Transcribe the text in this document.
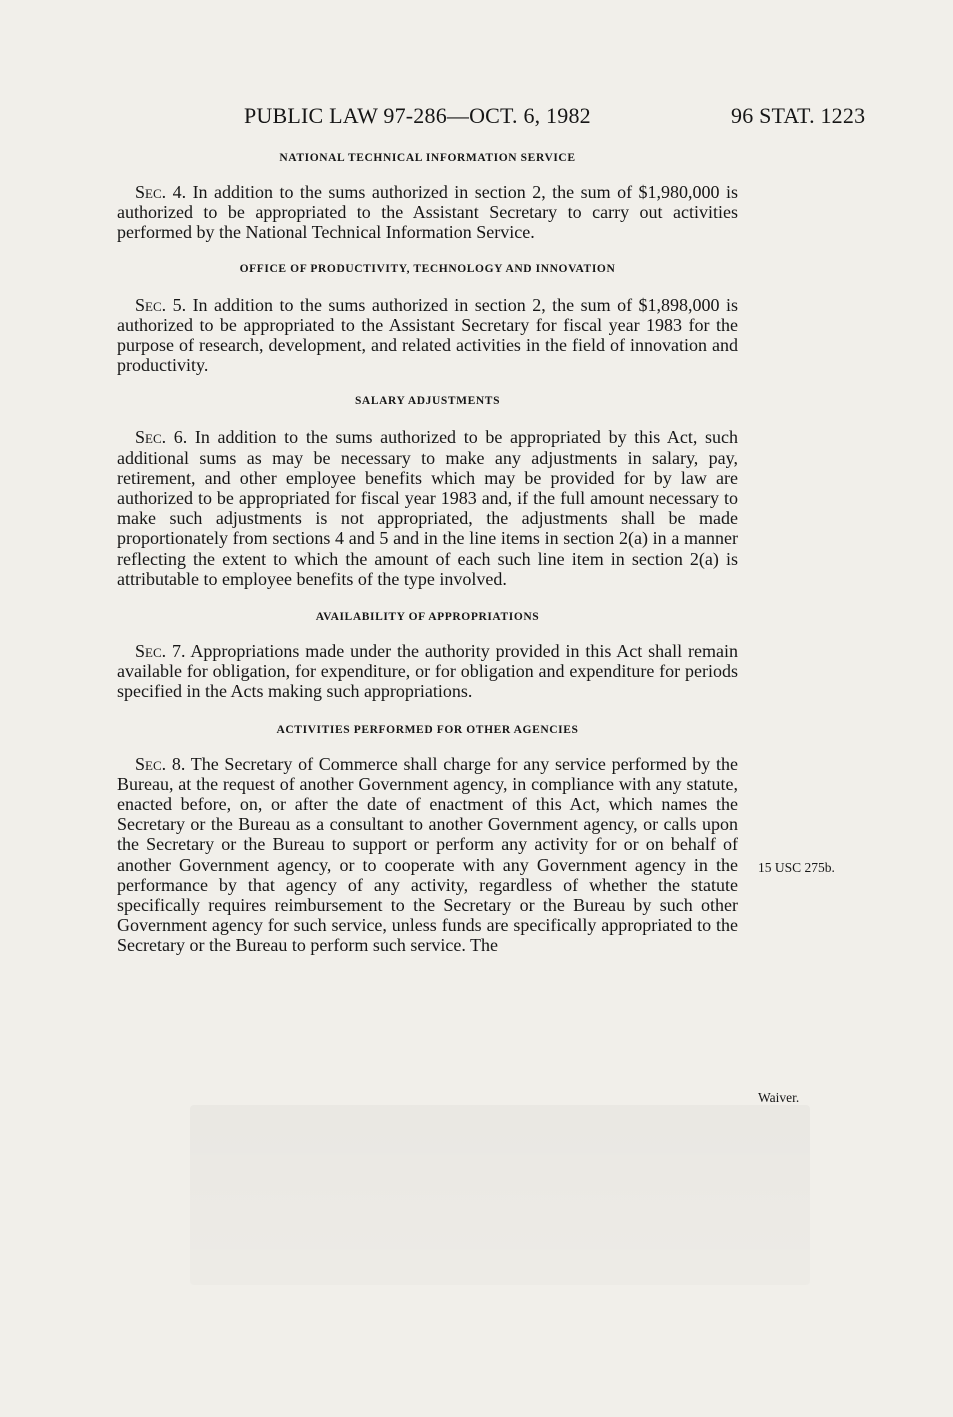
PUBLIC LAW 97-286—OCT. 6, 1982	96 STAT. 1223
NATIONAL TECHNICAL INFORMATION SERVICE

Sec. 4. In addition to the sums authorized in section 2, the sum of $1,980,000 is authorized to be appropriated to the Assistant Secretary to carry out activities performed by the National Technical Information Service.

OFFICE OF PRODUCTIVITY, TECHNOLOGY AND INNOVATION

Sec. 5. In addition to the sums authorized in section 2, the sum of $1,898,000 is authorized to be appropriated to the Assistant Secretary for fiscal year 1983 for the purpose of research, development, and related activities in the field of innovation and productivity.

SALARY ADJUSTMENTS

Sec. 6. In addition to the sums authorized to be appropriated by this Act, such additional sums as may be necessary to make any adjustments in salary, pay, retirement, and other employee benefits which may be provided for by law are authorized to be appropriated for fiscal year 1983 and, if the full amount necessary to make such adjustments is not appropriated, the adjustments shall be made proportionately from sections 4 and 5 and in the line items in section 2(a) in a manner reflecting the extent to which the amount of each such line item in section 2(a) is attributable to employee benefits of the type involved.

AVAILABILITY OF APPROPRIATIONS

Sec. 7. Appropriations made under the authority provided in this Act shall remain available for obligation, for expenditure, or for obligation and expenditure for periods specified in the Acts making such appropriations.

ACTIVITIES PERFORMED FOR OTHER AGENCIES

Sec. 8. The Secretary of Commerce shall charge for any service performed by the Bureau, at the request of another Government agency, in compliance with any statute, enacted before, on, or after the date of enactment of this Act, which names the Secretary or the Bureau as a consultant to another Government agency, or calls upon the Secretary or the Bureau to support or perform any activity for or on behalf of another Government agency, or to cooperate with any Government agency in the performance by that agency of any activity, regardless of whether the statute specifically requires reimbursement to the Secretary or the Bureau by such other Government agency for such service, unless funds are specifically appropriated to the Secretary or the Bureau to perform such service. The

15 USC 275b.
Waiver.
